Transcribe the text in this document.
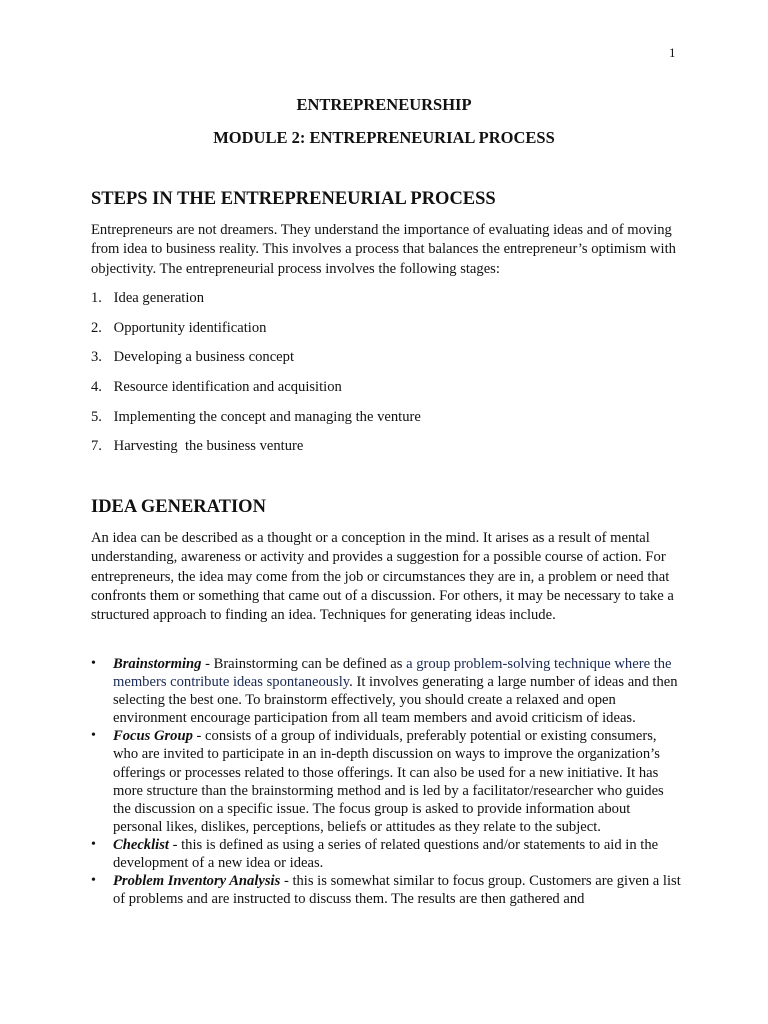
1
ENTREPRENEURSHIP
MODULE 2: ENTREPRENEURIAL PROCESS
STEPS IN THE ENTREPRENEURIAL PROCESS

Entrepreneurs are not dreamers. They understand the importance of evaluating ideas and of moving from idea to business reality. This involves a process that balances the entrepreneur’s optimism with objectivity. The entrepreneurial process involves the following stages:

1. Idea generation
2. Opportunity identification
3. Developing a business concept
4. Resource identification and acquisition
5. Implementing the concept and managing the venture
7. Harvesting  the business venture
IDEA GENERATION

An idea can be described as a thought or a conception in the mind. It arises as a result of mental understanding, awareness or activity and provides a suggestion for a possible course of action. For entrepreneurs, the idea may come from the job or circumstances they are in, a problem or need that confronts them or something that came out of a discussion. For others, it may be necessary to take a structured approach to finding an idea. Techniques for generating ideas include.

• Brainstorming - Brainstorming can be defined as a group problem-solving technique where the members contribute ideas spontaneously. It involves generating a large number of ideas and then selecting the best one. To brainstorm effectively, you should create a relaxed and open environment encourage participation from all team members and avoid criticism of ideas.
• Focus Group - consists of a group of individuals, preferably potential or existing consumers, who are invited to participate in an in-depth discussion on ways to improve the organization’s offerings or processes related to those offerings. It can also be used for a new initiative. It has more structure than the brainstorming method and is led by a facilitator/researcher who guides the discussion on a specific issue. The focus group is asked to provide information about personal likes, dislikes, perceptions, beliefs or attitudes as they relate to the subject.
• Checklist - this is defined as using a series of related questions and/or statements to aid in the development of a new idea or ideas.
• Problem Inventory Analysis - this is somewhat similar to focus group. Customers are given a list of problems and are instructed to discuss them. The results are then gathered and
